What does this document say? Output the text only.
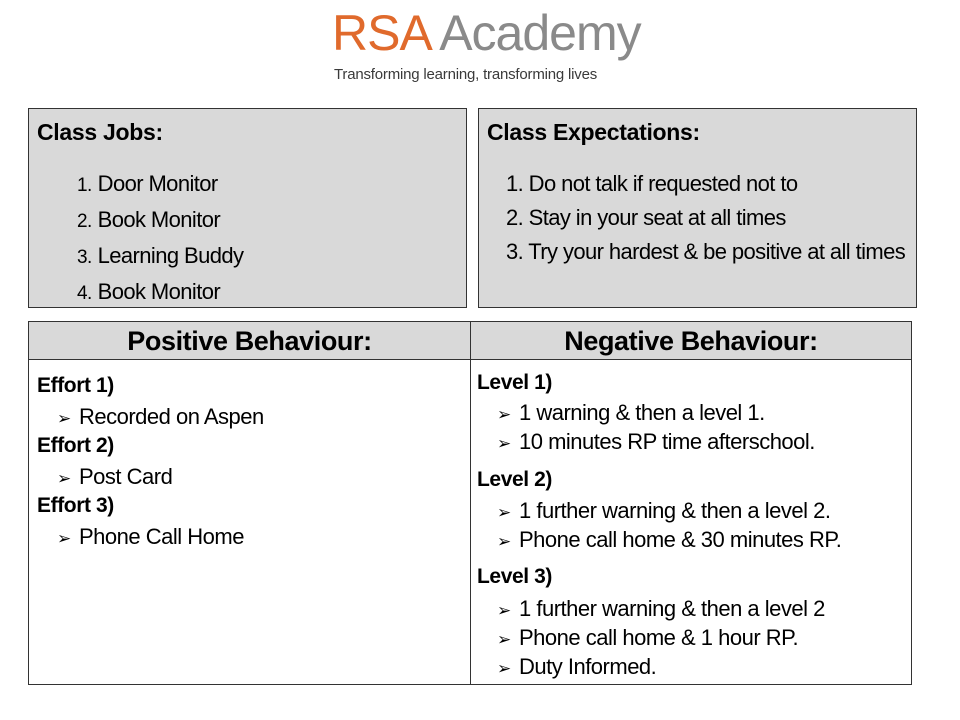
RSA Academy
Transforming learning, transforming lives
Class Jobs:
1. Door Monitor
2. Book Monitor
3. Learning Buddy
4. Book Monitor
Class Expectations:
1. Do not talk if requested not to
2. Stay in your seat at all times
3. Try your hardest & be positive at all times
Positive Behaviour:	Negative Behaviour:
Effort 1)
➢ Recorded on Aspen
Effort 2)
➢ Post Card
Effort 3)
➢ Phone Call Home
Level 1)
➢ 1 warning & then a level 1.
➢ 10 minutes RP time afterschool.
Level 2)
➢ 1 further warning & then a level 2.
➢ Phone call home & 30 minutes RP.
Level 3)
➢ 1 further warning & then a level 2
➢ Phone call home & 1 hour RP.
➢ Duty Informed.
